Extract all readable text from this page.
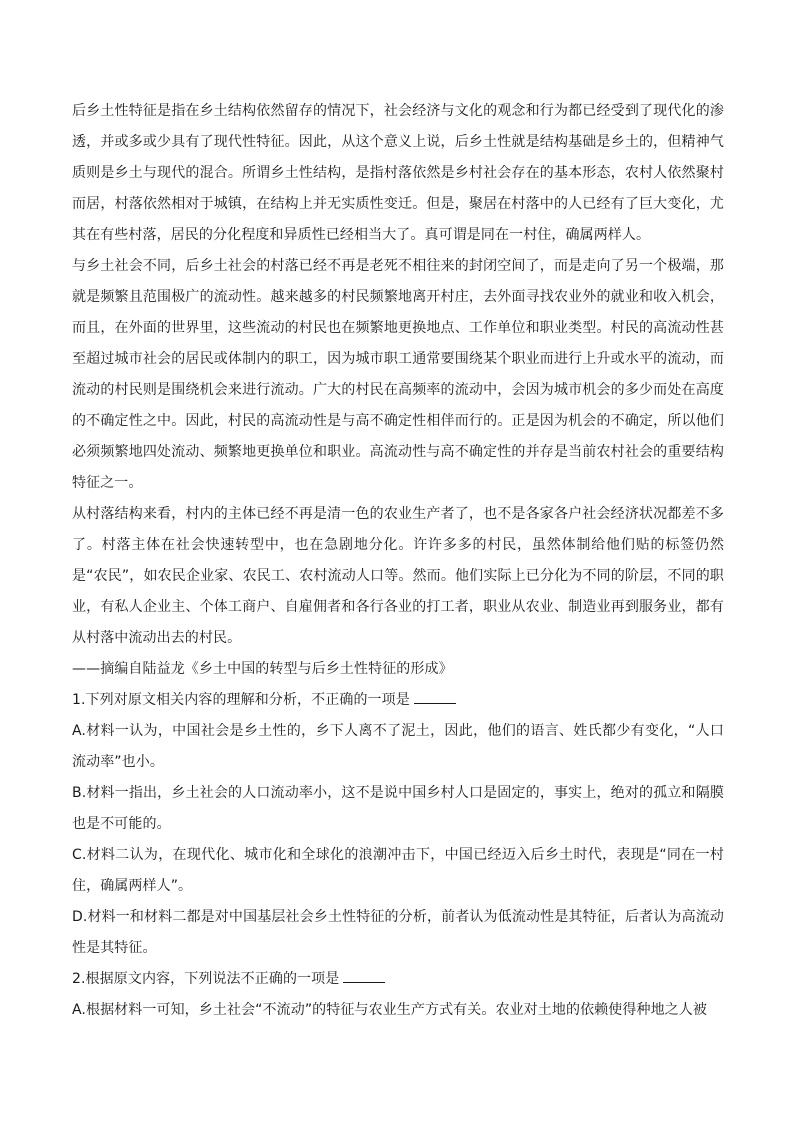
后乡土性特征是指在乡土结构依然留存的情况下，社会经济与文化的观念和行为都已经受到了现代化的渗透，并或多或少具有了现代性特征。因此，从这个意义上说，后乡土性就是结构基础是乡土的，但精神气质则是乡土与现代的混合。所谓乡土性结构，是指村落依然是乡村社会存在的基本形态，农村人依然聚村而居，村落依然相对于城镇，在结构上并无实质性变迁。但是，聚居在村落中的人已经有了巨大变化，尤其在有些村落，居民的分化程度和异质性已经相当大了。真可谓是同在一村住，确属两样人。

与乡土社会不同，后乡土社会的村落已经不再是老死不相往来的封闭空间了，而是走向了另一个极端，那就是频繁且范围极广的流动性。越来越多的村民频繁地离开村庄，去外面寻找农业外的就业和收入机会，而且，在外面的世界里，这些流动的村民也在频繁地更换地点、工作单位和职业类型。村民的高流动性甚至超过城市社会的居民或体制内的职工，因为城市职工通常要围绕某个职业而进行上升或水平的流动，而流动的村民则是围绕机会来进行流动。广大的村民在高频率的流动中，会因为城市机会的多少而处在高度的不确定性之中。因此，村民的高流动性是与高不确定性相伴而行的。正是因为机会的不确定，所以他们必须频繁地四处流动、频繁地更换单位和职业。高流动性与高不确定性的并存是当前农村社会的重要结构特征之一。

从村落结构来看，村内的主体已经不再是清一色的农业生产者了，也不是各家各户社会经济状况都差不多了。村落主体在社会快速转型中，也在急剧地分化。许许多多的村民，虽然体制给他们贴的标签仍然是“农民”，如农民企业家、农民工、农村流动人口等。然而。他们实际上已分化为不同的阶层，不同的职业，有私人企业主、个体工商户、自雇佣者和各行各业的打工者，职业从农业、制造业再到服务业，都有从村落中流动出去的村民。

——摘编自陆益龙《乡土中国的转型与后乡土性特征的形成》

1.下列对原文相关内容的理解和分析，不正确的一项是

A.材料一认为，中国社会是乡土性的，乡下人离不了泥土，因此，他们的语言、姓氏都少有变化，“人口流动率”也小。

B.材料一指出，乡土社会的人口流动率小，这不是说中国乡村人口是固定的，事实上，绝对的孤立和隔膜也是不可能的。

C.材料二认为，在现代化、城市化和全球化的浪潮冲击下，中国已经迈入后乡土时代，表现是“同在一村住，确属两样人”。

D.材料一和材料二都是对中国基层社会乡土性特征的分析，前者认为低流动性是其特征，后者认为高流动性是其特征。

2.根据原文内容，下列说法不正确的一项是

A.根据材料一可知，乡土社会“不流动”的特征与农业生产方式有关。农业对土地的依赖使得种地之人被
